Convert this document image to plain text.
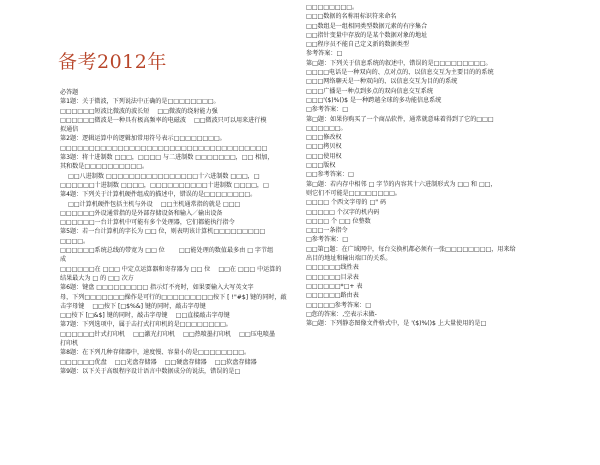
备考2012年
必答题
第1题：关于微波，下列说法中正确的是□□□□□□□□。
□□□□□□短波比微波的波长短　 □□微波的绕射能力强
□□□□□□微波是一种具有极高频率的电磁波　 □□微波只可以用来进行模
拟通信
第2题：逻辑运算中的逻辑加常用符号表示□□□□□□□□。
□□□□□□□□□□□□□□□□□□□□□□□□□□□□□□□□□□□□
第3题：将十进制数 □□□，□□□□ 与二进制数 □□□□□□□，□□ 相加，
其和数是□□□□□□□□□□。
　 □□八进制数 □□□□□□□□□□□□□□□□十六进制数 □□□，□
□□□□□□十进制数 □□□□，□□□□□□□□□□十进制数 □□□□，□
第4题：下列关于计算机硬件组成的描述中，错误的是□□□□□□□□。
　 □□计算机硬件包括主机与外设　 □□主机通常指的就是 □□□
□□□□□□外设通常指的是外部存储设备和输入／输出设备
□□□□□□一台计算机中可能有多个处理器，它们都能执行指令
第5题：若一台计算机的字长为 □□ 位，则表明该计算机□□□□□□□□□
□□□□。
□□□□□□系统总线的带宽为 □□ 位　　 □□能处理的数值最多由 □ 字节组
成
□□□□□□在 □□□ 中定点运算器和寄存器为 □□ 位　 □□在 □□□ 中运算的
结果最大为 □ 的 □□ 次方
第6题：键盘 □□□□□□□□□ 指示灯不亮时，如果要输入大写英文字
母，下列□□□□□□□操作是可行的□□□□□□□□□按下 [ !"#$] 键的同时，敲
击字母键　 □□按下 [□$%&] 键的同时，敲击字母键
□□按下 [□&$] 键的同时，敲击字母键　 □□直接敲击字母键
第7题：下列选项中，属于击打式打印机的是□□□□□□□□。
□□□□□□针式打印机　 □□激光打印机　 □□热喷墨打印机　 □□压电喷墨
打印机
第8题：在下列几种存储器中，速度慢、容量小的是□□□□□□□□。
□□□□□□优盘　 □□光盘存储器　 □□硬盘存储器　 □□软盘存储器
第9题：以下关于高级程序设计语言中数据成分的说法，错误的是□
□□□□□□□□。
□□□数据的名称用标识符来命名
□□数组是一组相同类型数据元素的有序集合
□□指针变量中存放的是某个数据对象的地址
□□程序员不能自己定义新的数据类型
参考答案：□
第□题：下列关于信息系统的叙述中，错误的是□□□□□□□□□。
□□□□电话是一种双向的、点对点的、以信息交互为主要目的的系统
□□□网络聊天是一种双向的、以信息交互为目的的系统
□□□广播是一种点到多点的双向信息交互系统
□□□'($)%()$ 是一种跨越全球的多功能信息系统
□参考答案：□
第□题：如果你购买了一个商品软件，通常就意味着得到了它的□□□
□□□□□□。
□□□修改权
□□□拷贝权
□□□使用权
□□□版权
□□参考答案：□
第□题：若内存中相邻 □ 字节的内容其十六进制形式为 □□ 和 □□，
则它们不可能是□□□□□□□□。
□□□□ 个西文字母的 □" 码
□□□□□ 个汉字的机内码
□□□□ 个 □□ 位整数
□□□一条指令
□参考答案：□
□□第□题：在广域网中，每台交换机都必须有一张□□□□□□□□，用来给
出目的地址和输出端口的关系。
□□□□□□线性表
□□□□□□目录表
□□□□□□*□+ 表
□□□□□□路由表
□□□□□参考答案：□
□您的答案：,空表示未做-
第□题：下列静态图像文件格式中，是 '($)%()$ 上大量使用的是□
